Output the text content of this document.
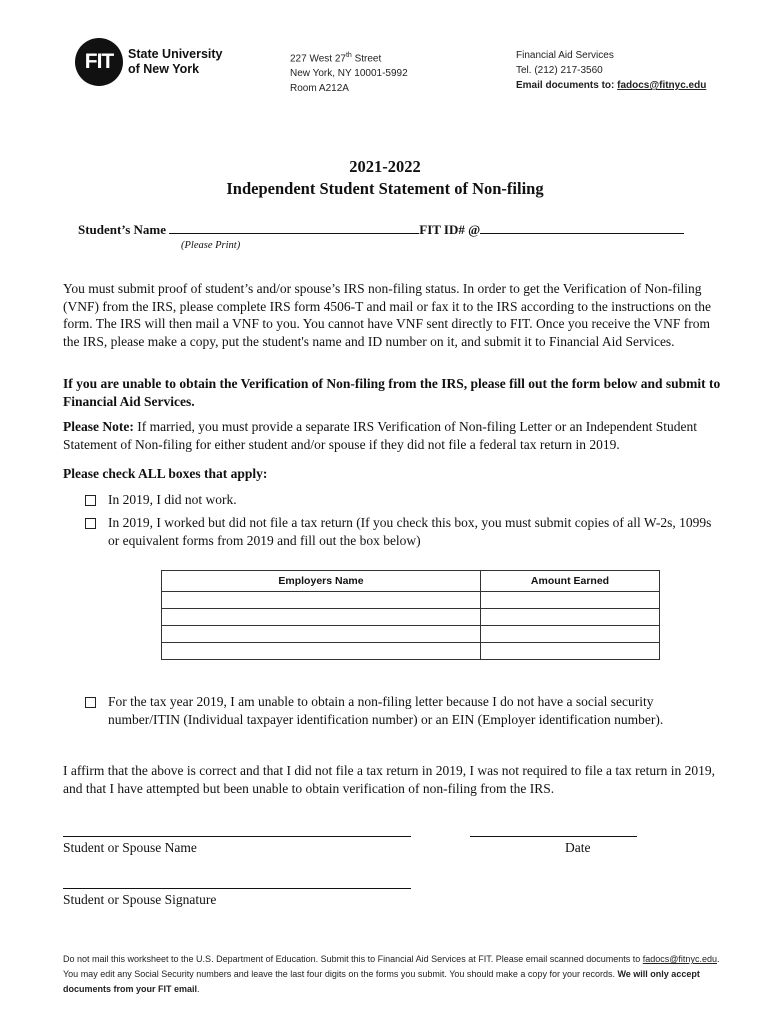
FIT State University
of New York
227 West 27th Street
New York, NY 10001-5992
Room A212A
Financial Aid Services
Tel. (212) 217-3560
Email documents to: fadocs@fitnyc.edu
2021-2022
Independent Student Statement of Non-filing
Student’s Name	FIT ID# @
(Please Print)
You must submit proof of student’s and/or spouse’s IRS non-filing status. In order to get the Verification of Non-filing (VNF) from the IRS, please complete IRS form 4506-T and mail or fax it to the IRS according to the instructions on the form. The IRS will then mail a VNF to you. You cannot have VNF sent directly to FIT. Once you receive the VNF from the IRS, please make a copy, put the student's name and ID number on it, and submit it to Financial Aid Services.
If you are unable to obtain the Verification of Non-filing from the IRS, please fill out the form below and submit to Financial Aid Services.
Please Note: If married, you must provide a separate IRS Verification of Non-filing Letter or an Independent Student Statement of Non-filing for either student and/or spouse if they did not file a federal tax return in 2019.
Please check ALL boxes that apply:
In 2019, I did not work.
In 2019, I worked but did not file a tax return (If you check this box, you must submit copies of all W-2s, 1099s or equivalent forms from 2019 and fill out the box below)
Employers Name	Amount Earned

For the tax year 2019, I am unable to obtain a non-filing letter because I do not have a social security number/ITIN (Individual taxpayer identification number) or an EIN (Employer identification number).
I affirm that the above is correct and that I did not file a tax return in 2019, I was not required to file a tax return in 2019, and that I have attempted but been unable to obtain verification of non-filing from the IRS.
Student or Spouse Name	Date
Student or Spouse Signature
Do not mail this worksheet to the U.S. Department of Education. Submit this to Financial Aid Services at FIT. Please email scanned documents to fadocs@fitnyc.edu. You may edit any Social Security numbers and leave the last four digits on the forms you submit. You should make a copy for your records. We will only accept documents from your FIT email.
